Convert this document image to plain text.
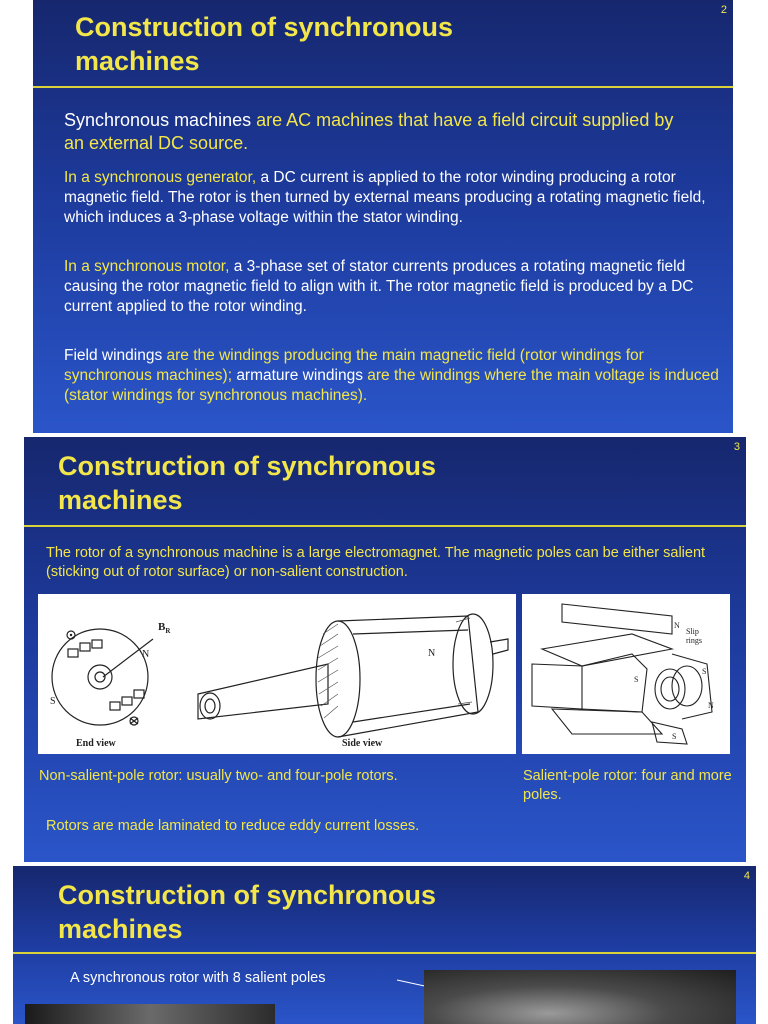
2
Construction of synchronous
machines
Synchronous machines are AC machines that have a field circuit supplied by an external DC source.
In a synchronous generator, a DC current is applied to the rotor winding producing a rotor magnetic field. The rotor is then turned by external means producing a rotating magnetic field, which induces a 3-phase voltage within the stator winding.
In a synchronous motor, a 3-phase set of stator currents produces a rotating magnetic field causing the rotor magnetic field to align with it. The rotor magnetic field is produced by a DC current applied to the rotor winding.
Field windings are the windings producing the main magnetic field (rotor windings for synchronous machines); armature windings are the windings where the main voltage is induced (stator windings for synchronous machines).
3
Construction of synchronous
machines
The rotor of a synchronous machine is a large electromagnet. The magnetic poles can be either salient (sticking out of rotor surface) or non-salient construction.
$B_R$
N
S
End view
N
Side view
N
S
S
N
S
Slip
rings
Non-salient-pole rotor: usually two- and four-pole rotors.	Salient-pole rotor: four and more poles.
Rotors are made laminated to reduce eddy current losses.
4
Construction of synchronous
machines
A synchronous rotor with 8 salient poles
